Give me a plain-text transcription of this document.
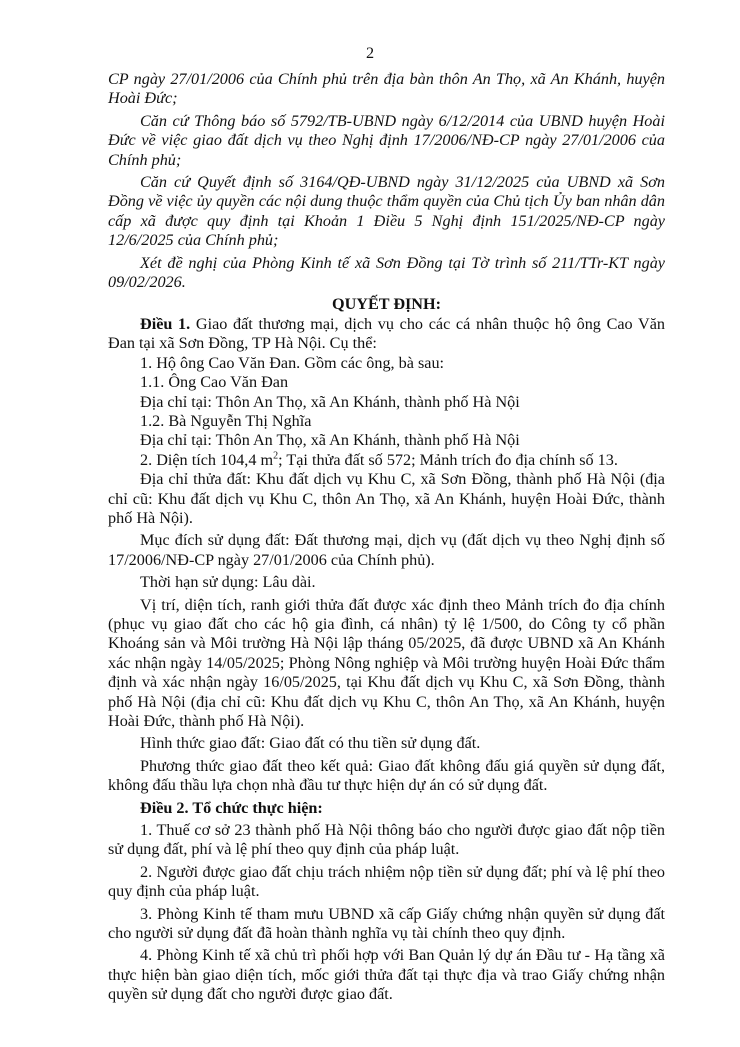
2

CP ngày 27/01/2006 của Chính phủ trên địa bàn thôn An Thọ, xã An Khánh, huyện Hoài Đức;

Căn cứ Thông báo số 5792/TB-UBND ngày 6/12/2014 của UBND huyện Hoài Đức về việc giao đất dịch vụ theo Nghị định 17/2006/NĐ-CP ngày 27/01/2006 của Chính phủ;

Căn cứ Quyết định số 3164/QĐ-UBND ngày 31/12/2025 của UBND xã Sơn Đồng về việc ủy quyền các nội dung thuộc thẩm quyền của Chủ tịch Ủy ban nhân dân cấp xã được quy định tại Khoản 1 Điều 5 Nghị định 151/2025/NĐ-CP ngày 12/6/2025 của Chính phủ;

Xét đề nghị của Phòng Kinh tế xã Sơn Đồng tại Tờ trình số 211/TTr-KT ngày 09/02/2026.

QUYẾT ĐỊNH:

Điều 1. Giao đất thương mại, dịch vụ cho các cá nhân thuộc hộ ông Cao Văn Đan tại xã Sơn Đồng, TP Hà Nội. Cụ thể:

1. Hộ ông Cao Văn Đan. Gồm các ông, bà sau:

1.1. Ông Cao Văn Đan

Địa chỉ tại: Thôn An Thọ, xã An Khánh, thành phố Hà Nội

1.2. Bà Nguyễn Thị Nghĩa

Địa chỉ tại: Thôn An Thọ, xã An Khánh, thành phố Hà Nội

2. Diện tích 104,4 $m^2$; Tại thửa đất số 572; Mảnh trích đo địa chính số 13.

Địa chỉ thửa đất: Khu đất dịch vụ Khu C, xã Sơn Đồng, thành phố Hà Nội (địa chỉ cũ: Khu đất dịch vụ Khu C, thôn An Thọ, xã An Khánh, huyện Hoài Đức, thành phố Hà Nội).

Mục đích sử dụng đất: Đất thương mại, dịch vụ (đất dịch vụ theo Nghị định số 17/2006/NĐ-CP ngày 27/01/2006 của Chính phủ).

Thời hạn sử dụng: Lâu dài.

Vị trí, diện tích, ranh giới thửa đất được xác định theo Mảnh trích đo địa chính (phục vụ giao đất cho các hộ gia đình, cá nhân) tỷ lệ 1/500, do Công ty cổ phần Khoáng sản và Môi trường Hà Nội lập tháng 05/2025, đã được UBND xã An Khánh xác nhận ngày 14/05/2025; Phòng Nông nghiệp và Môi trường huyện Hoài Đức thẩm định và xác nhận ngày 16/05/2025, tại Khu đất dịch vụ Khu C, xã Sơn Đồng, thành phố Hà Nội (địa chỉ cũ: Khu đất dịch vụ Khu C, thôn An Thọ, xã An Khánh, huyện Hoài Đức, thành phố Hà Nội).

Hình thức giao đất: Giao đất có thu tiền sử dụng đất.

Phương thức giao đất theo kết quả: Giao đất không đấu giá quyền sử dụng đất, không đấu thầu lựa chọn nhà đầu tư thực hiện dự án có sử dụng đất.

Điều 2. Tổ chức thực hiện:

1. Thuế cơ sở 23 thành phố Hà Nội thông báo cho người được giao đất nộp tiền sử dụng đất, phí và lệ phí theo quy định của pháp luật.

2. Người được giao đất chịu trách nhiệm nộp tiền sử dụng đất; phí và lệ phí theo quy định của pháp luật.

3. Phòng Kinh tế tham mưu UBND xã cấp Giấy chứng nhận quyền sử dụng đất cho người sử dụng đất đã hoàn thành nghĩa vụ tài chính theo quy định.

4. Phòng Kinh tế xã chủ trì phối hợp với Ban Quản lý dự án Đầu tư - Hạ tầng xã thực hiện bàn giao diện tích, mốc giới thửa đất tại thực địa và trao Giấy chứng nhận quyền sử dụng đất cho người được giao đất.
